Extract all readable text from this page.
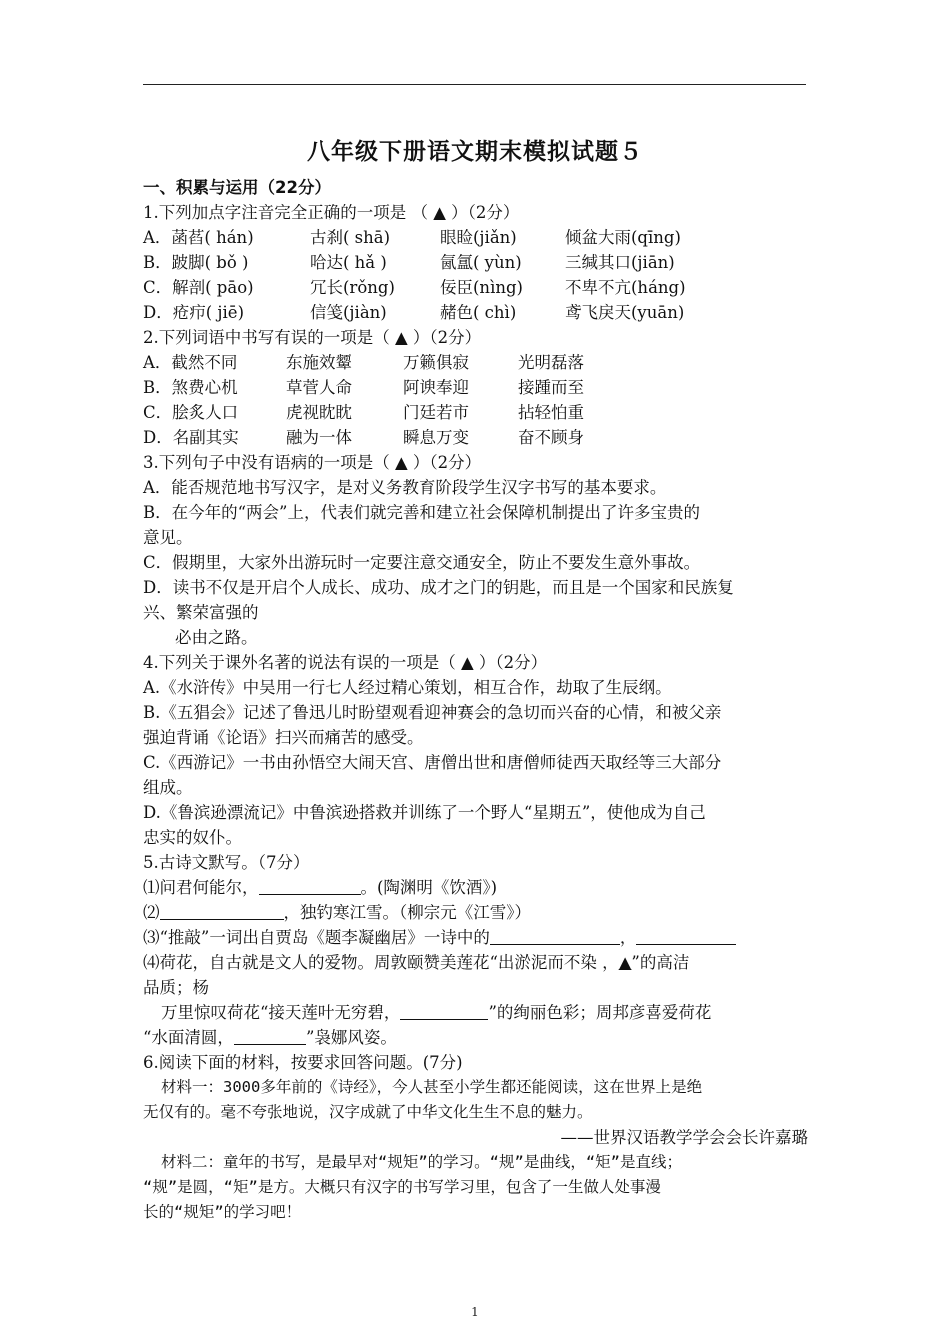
八年级下册语文期末模拟试题５
一、积累与运用（22分）
1.下列加点字注音完全正确的一项是 （ ▲ ）（2分）
A．菡萏( hán)	古刹( shā)	眼睑(jiǎn)	倾盆大雨(qīng)
B．跛脚( bǒ )	哈达( hǎ )	氤氲( yùn)	三缄其口(jiān)
C．解剖( pāo)	冗长(rǒng)	佞臣(nìng)	不卑不亢(háng)
D．疮疖( jiē)	信笺(jiàn)	赭色( chì)	鸢飞戾天(yuān)
2.下列词语中书写有误的一项是（ ▲ ）（2分）
A．截然不同	东施效颦	万籁俱寂	光明磊落
B．煞费心机	草菅人命	阿谀奉迎	接踵而至
C．脍炙人口	虎视眈眈	门廷若市	拈轻怕重
D．名副其实	融为一体	瞬息万变	奋不顾身
3.下列句子中没有语病的一项是（ ▲ ）（2分）
A．能否规范地书写汉字，是对义务教育阶段学生汉字书写的基本要求。
B．在今年的“两会”上，代表们就完善和建立社会保障机制提出了许多宝贵的
意见。
C．假期里，大家外出游玩时一定要注意交通安全，防止不要发生意外事故。
D．读书不仅是开启个人成长、成功、成才之门的钥匙，而且是一个国家和民族复
兴、繁荣富强的
必由之路。
4.下列关于课外名著的说法有误的一项是（ ▲ ）（2分）
A.《水浒传》中吴用一行七人经过精心策划，相互合作，劫取了生辰纲。
B.《五猖会》记述了鲁迅儿时盼望观看迎神赛会的急切而兴奋的心情，和被父亲
强迫背诵《论语》扫兴而痛苦的感受。
C.《西游记》一书由孙悟空大闹天宫、唐僧出世和唐僧师徒西天取经等三大部分
组成。
D.《鲁滨逊漂流记》中鲁滨逊搭救并训练了一个野人“星期五”，使他成为自己
忠实的奴仆。
5.古诗文默写。（7分）
⑴问君何能尔，	。(陶渊明《饮酒》)
⑵	，独钓寒江雪。（柳宗元《江雪》）
⑶“推敲”一词出自贾岛《题李凝幽居》一诗中的	，
⑷荷花，自古就是文人的爱物。周敦颐赞美莲花“出淤泥而不染 ，▲”的高洁
品质；杨
万里惊叹荷花“接天莲叶无穷碧，	”的绚丽色彩；周邦彦喜爱荷花
“水面清圆，	”袅娜风姿。
6.阅读下面的材料，按要求回答问题。(7分)
材料一：3000多年前的《诗经》，今人甚至小学生都还能阅读，这在世界上是绝
无仅有的。毫不夸张地说，汉字成就了中华文化生生不息的魅力。
——世界汉语教学学会会长许嘉璐
材料二：童年的书写，是最早对“规矩”的学习。“规”是曲线，“矩”是直线；
“规”是圆，“矩”是方。大概只有汉字的书写学习里，包含了一生做人处事漫
长的“规矩”的学习吧！
1
